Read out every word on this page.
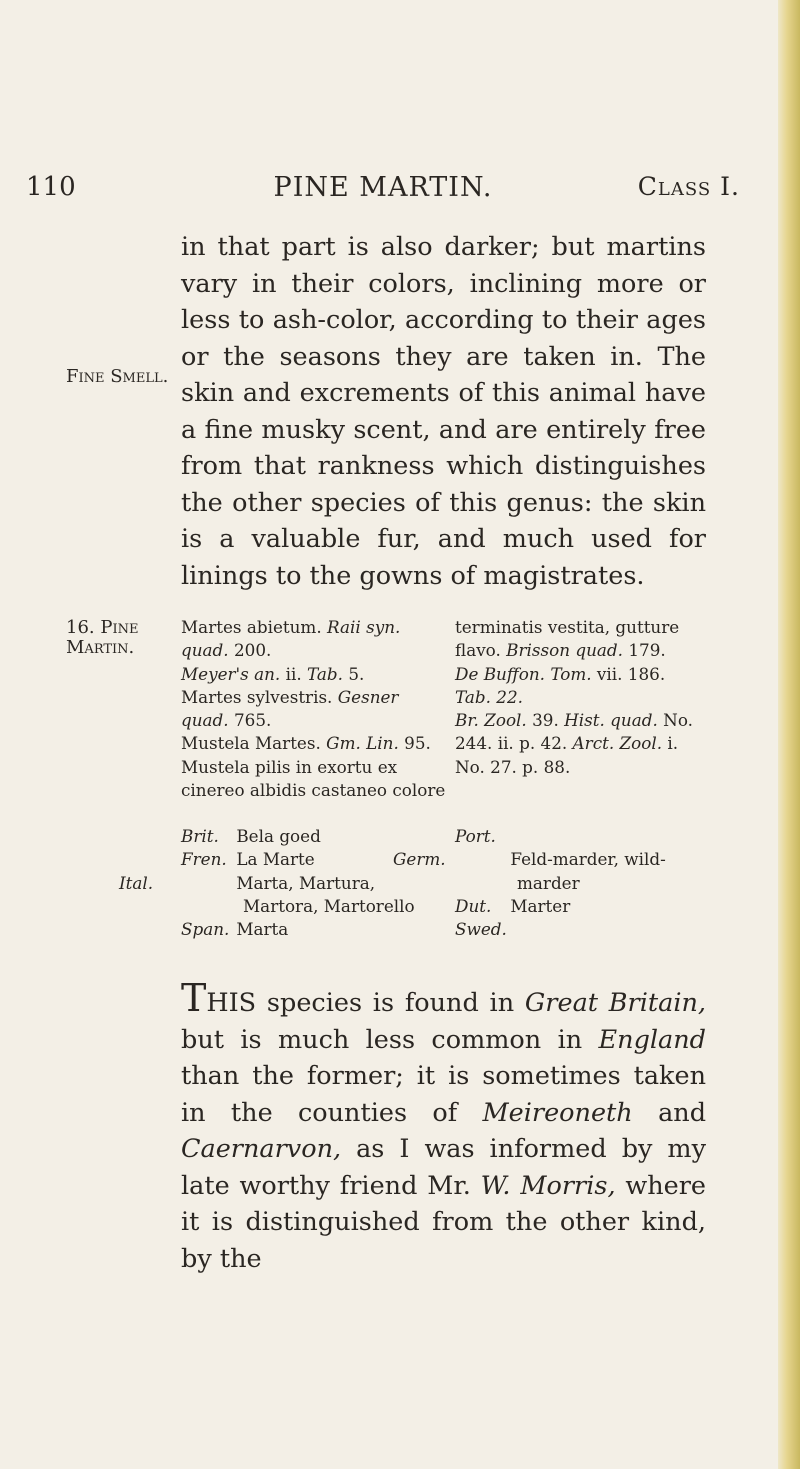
110	PINE MARTIN.	Class I.

in that part is also darker; but martins vary in their colors, inclining more or less to ash-color, according to their ages or the seasons they are taken in. The skin and excrements of this animal have a fine musky scent, and are entirely free from that rankness which distinguishes the other species of this genus: the skin is a valuable fur, and much used for linings to the gowns of magistrates.

Fine Smell.

16. Pine Martin.

Martes abietum. Raii syn. quad. 200.

Meyer's an. ii. Tab. 5.

Martes sylvestris. Gesner quad. 765.

Mustela Martes. Gm. Lin. 95.

Mustela pilis in exortu ex cinereo albidis castaneo colore

terminatis vestita, gutture flavo. Brisson quad. 179.

De Buffon. Tom. vii. 186. Tab. 22.

Br. Zool. 39. Hist. quad. No. 244. ii. p. 42. Arct. Zool. i. No. 27. p. 88.

Brit. Bela goed

Fren. La Marte

Ital.	Marta, Martura, Martora, Martorello

Span. Marta

Port.

Germ.	Feld-marder, wild-marder

Dut. Marter

Swed.

THIS species is found in Great Britain, but is much less common in England than the former; it is sometimes taken in the counties of Meireoneth and Caernarvon, as I was informed by my late worthy friend Mr. W. Morris, where it is distinguished from the other kind, by the
